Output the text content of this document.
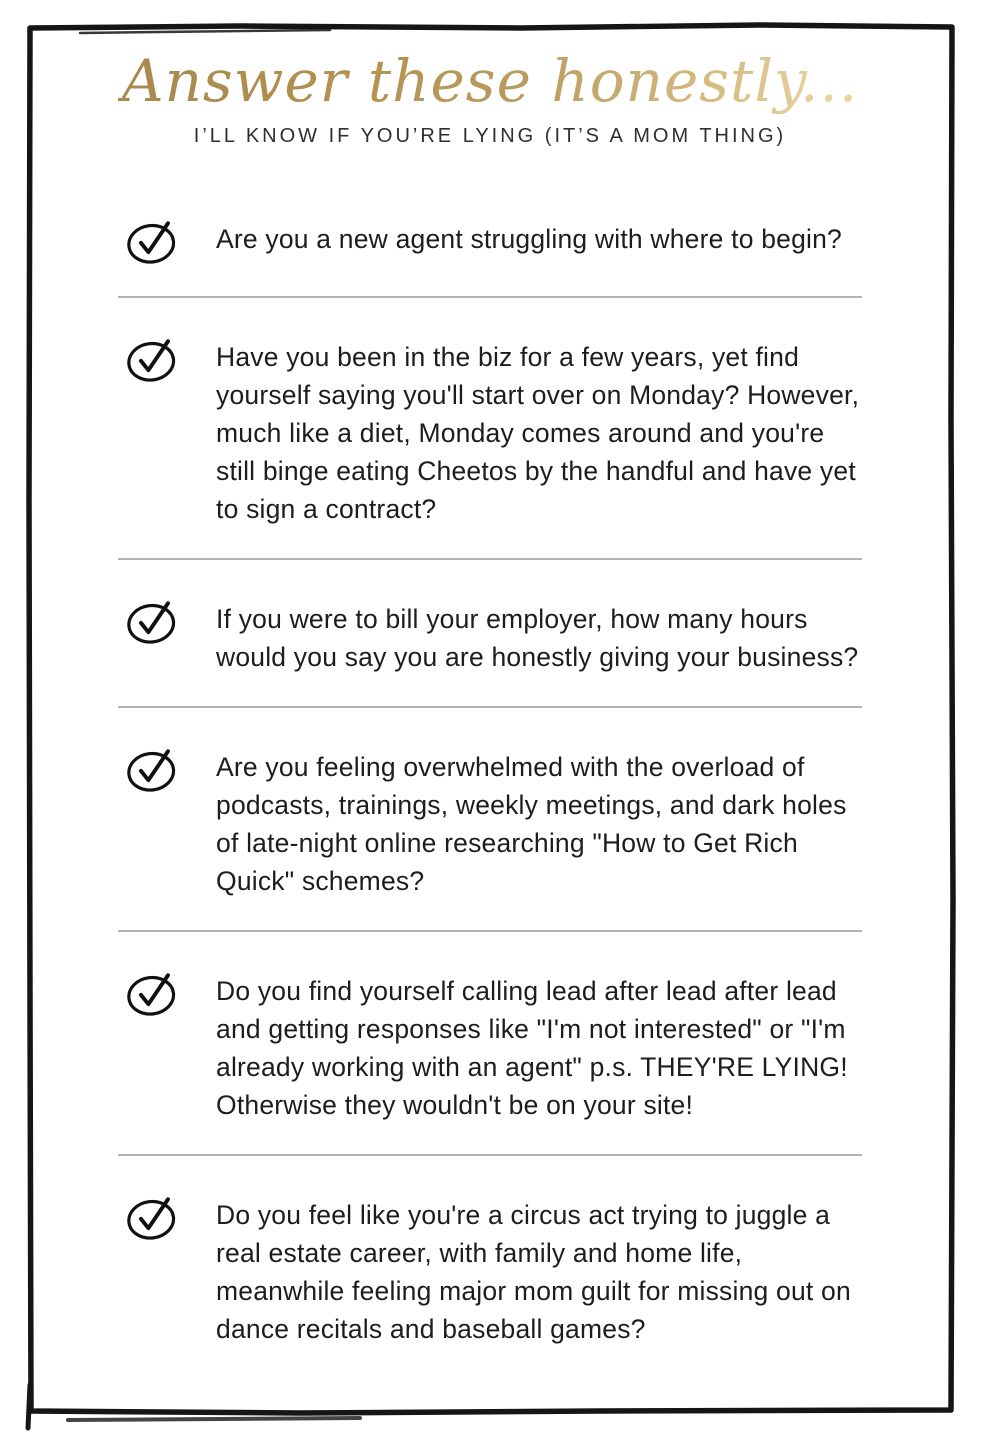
Answer these honestly...
I’LL KNOW IF YOU’RE LYING (IT’S A MOM THING)

Are you a new agent struggling with where to begin?

Have you been in the biz for a few years, yet find yourself saying you'll start over on Monday? However, much like a diet, Monday comes around and you're still binge eating Cheetos by the handful and have yet to sign a contract?

If you were to bill your employer, how many hours would you say you are honestly giving your business?

Are you feeling overwhelmed with the overload of podcasts, trainings, weekly meetings, and dark holes of late-night online researching "How to Get Rich Quick" schemes?

Do you find yourself calling lead after lead after lead and getting responses like "I'm not interested" or "I'm already working with an agent" p.s. THEY'RE LYING! Otherwise they wouldn't be on your site!

Do you feel like you're a circus act trying to juggle a real estate career, with family and home life, meanwhile feeling major mom guilt for missing out on dance recitals and baseball games?
